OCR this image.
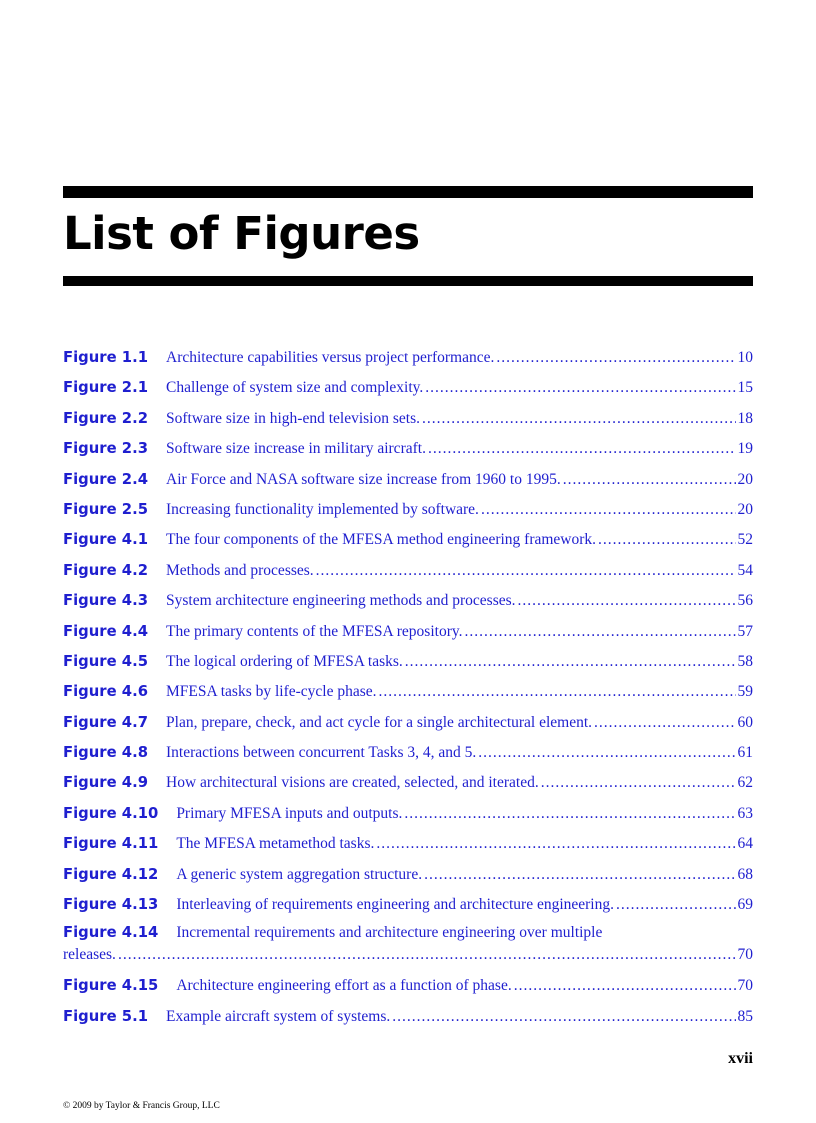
List of Figures
Figure 1.1 Architecture capabilities versus project performance. .....	10
Figure 2.1 Challenge of system size and complexity. .....	15
Figure 2.2 Software size in high-end television sets. .....	18
Figure 2.3 Software size increase in military aircraft. .....	19
Figure 2.4 Air Force and NASA software size increase from 1960 to 1995. .....	20
Figure 2.5 Increasing functionality implemented by software. .....	20
Figure 4.1 The four components of the MFESA method engineering framework. .....	52
Figure 4.2 Methods and processes. .....	54
Figure 4.3 System architecture engineering methods and processes. .....	56
Figure 4.4 The primary contents of the MFESA repository. .....	57
Figure 4.5 The logical ordering of MFESA tasks. .....	58
Figure 4.6 MFESA tasks by life-cycle phase. .....	59
Figure 4.7 Plan, prepare, check, and act cycle for a single architectural element. .....	60
Figure 4.8 Interactions between concurrent Tasks 3, 4, and 5. .....	61
Figure 4.9 How architectural visions are created, selected, and iterated. .....	62
Figure 4.10 Primary MFESA inputs and outputs. .....	63
Figure 4.11 The MFESA metamethod tasks. .....	64
Figure 4.12 A generic system aggregation structure. .....	68
Figure 4.13 Interleaving of requirements engineering and architecture engineering. .....	69
Figure 4.14 Incremental requirements and architecture engineering over multiple
releases. .....	70
Figure 4.15 Architecture engineering effort as a function of phase. .....	70
Figure 5.1 Example aircraft system of systems. .....	85
xvii
© 2009 by Taylor & Francis Group, LLC
